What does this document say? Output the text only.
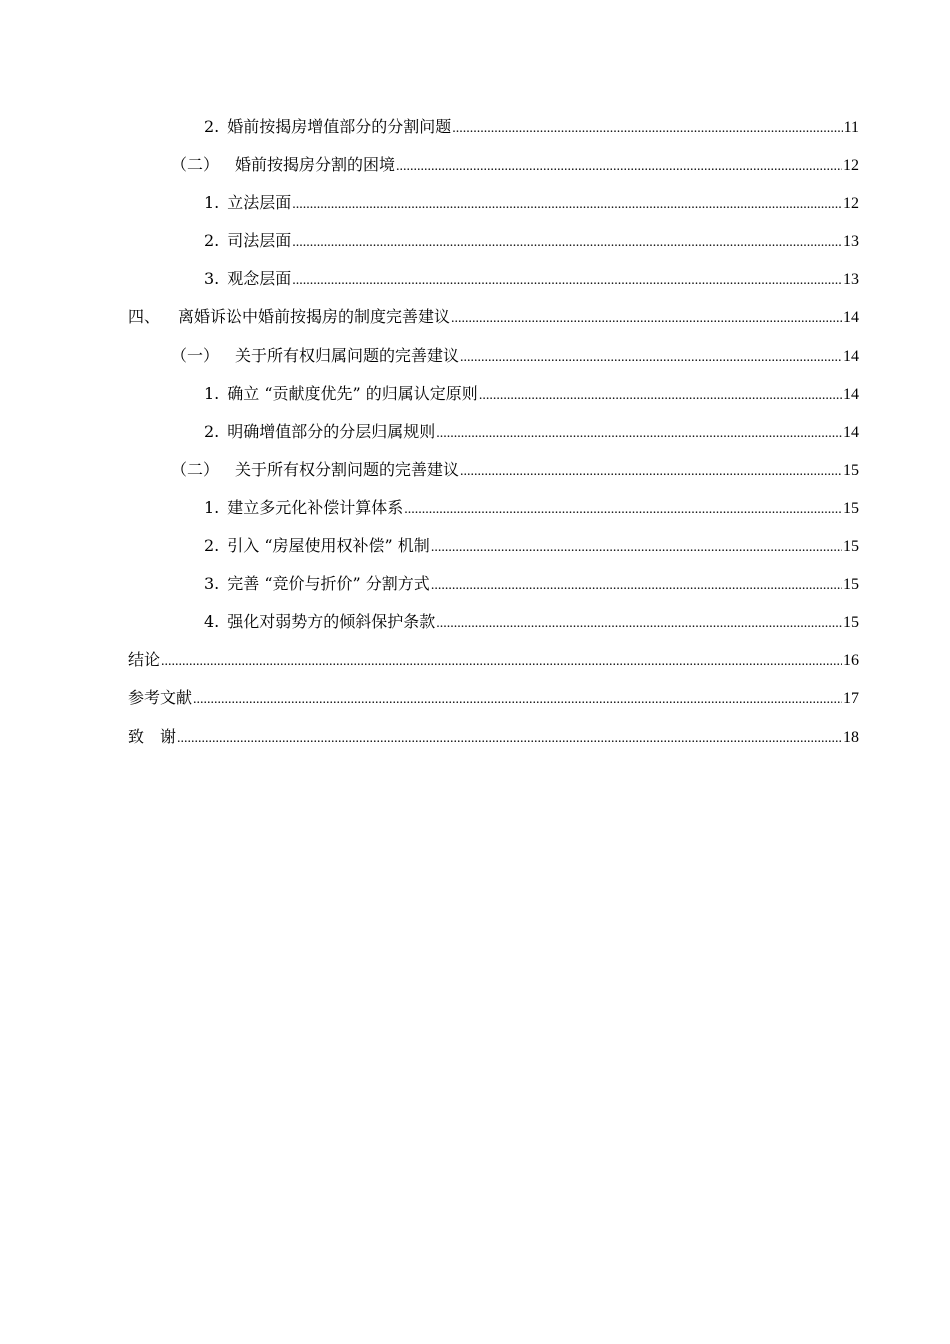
2. 婚前按揭房增值部分的分割问题 .....	11
（二） 婚前按揭房分割的困境 .....	12
1. 立法层面 .....	12
2. 司法层面 .....	13
3. 观念层面 .....	13
四、 离婚诉讼中婚前按揭房的制度完善建议 .....	14
（一） 关于所有权归属问题的完善建议 .....	14
1. 确立 “贡献度优先” 的归属认定原则 .....	14
2. 明确增值部分的分层归属规则 .....	14
（二） 关于所有权分割问题的完善建议 .....	15
1. 建立多元化补偿计算体系 .....	15
2. 引入 “房屋使用权补偿” 机制 .....	15
3. 完善 “竞价与折价” 分割方式 .....	15
4. 强化对弱势方的倾斜保护条款 .....	15
结论 .....	16
参考文献 .....	17
致　谢 .....	18
